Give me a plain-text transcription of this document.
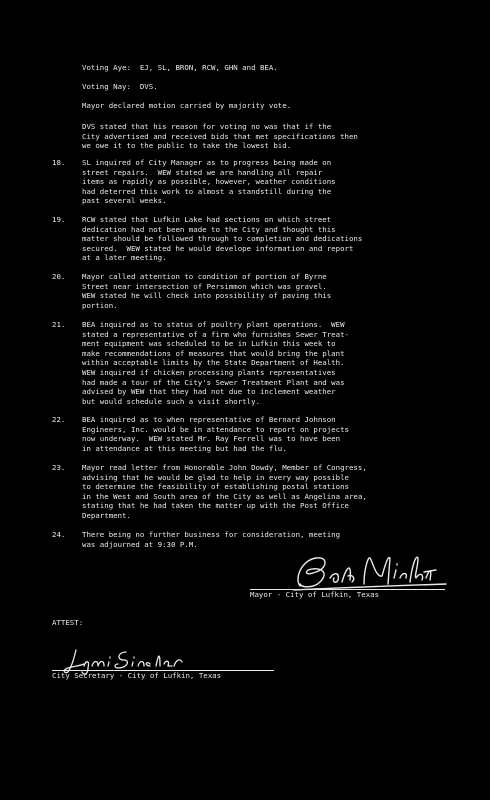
Voting Aye:  EJ, SL, BRON, RCW, GHN and BEA.
Voting Nay:  DVS.
Mayor declared motion carried by majority vote.
DVS stated that his reason for voting no was that if the
City advertised and received bids that met specifications then
we owe it to the public to take the lowest bid.
18. SL inquired of City Manager as to progress being made on
street repairs.  WEW stated we are handling all repair
items as rapidly as possible, however, weather conditions
had deterred this work to almost a standstill during the
past several weeks.
19. RCW stated that Lufkin Lake had sections on which street
dedication had not been made to the City and thought this
matter should be followed through to completion and dedications
secured.  WEW stated he would develope information and report
at a later meeting.
20. Mayor called attention to condition of portion of Byrne
Street near intersection of Persimmon which was gravel.
WEW stated he will check into possibility of paving this
portion.
21. BEA inquired as to status of poultry plant operations.  WEW
stated a representative of a firm who furnishes Sewer Treat-
ment equipment was scheduled to be in Lufkin this week to
make recommendations of measures that would bring the plant
within acceptable limits by the State Department of Health.
WEW inquired if chicken processing plants representatives
had made a tour of the City's Sewer Treatment Plant and was
advised by WEW that they had not due to inclement weather
but would schedule such a visit shortly.
22. BEA inquired as to when representative of Bernard Johnson
Engineers, Inc. would be in attendance to report on projects
now underway.  WEW stated Mr. Ray Ferrell was to have been
in attendance at this meeting but had the flu.
23. Mayor read letter from Honorable John Dowdy, Member of Congress,
advising that he would be glad to help in every way possible
to determine the feasibility of establishing postal stations
in the West and South area of the City as well as Angelina area,
stating that he had taken the matter up with the Post Office
Department.
24. There being no further business for consideration, meeting
was adjourned at 9:30 P.M.
Mayor - City of Lufkin, Texas
ATTEST:
City Secretary - City of Lufkin, Texas
